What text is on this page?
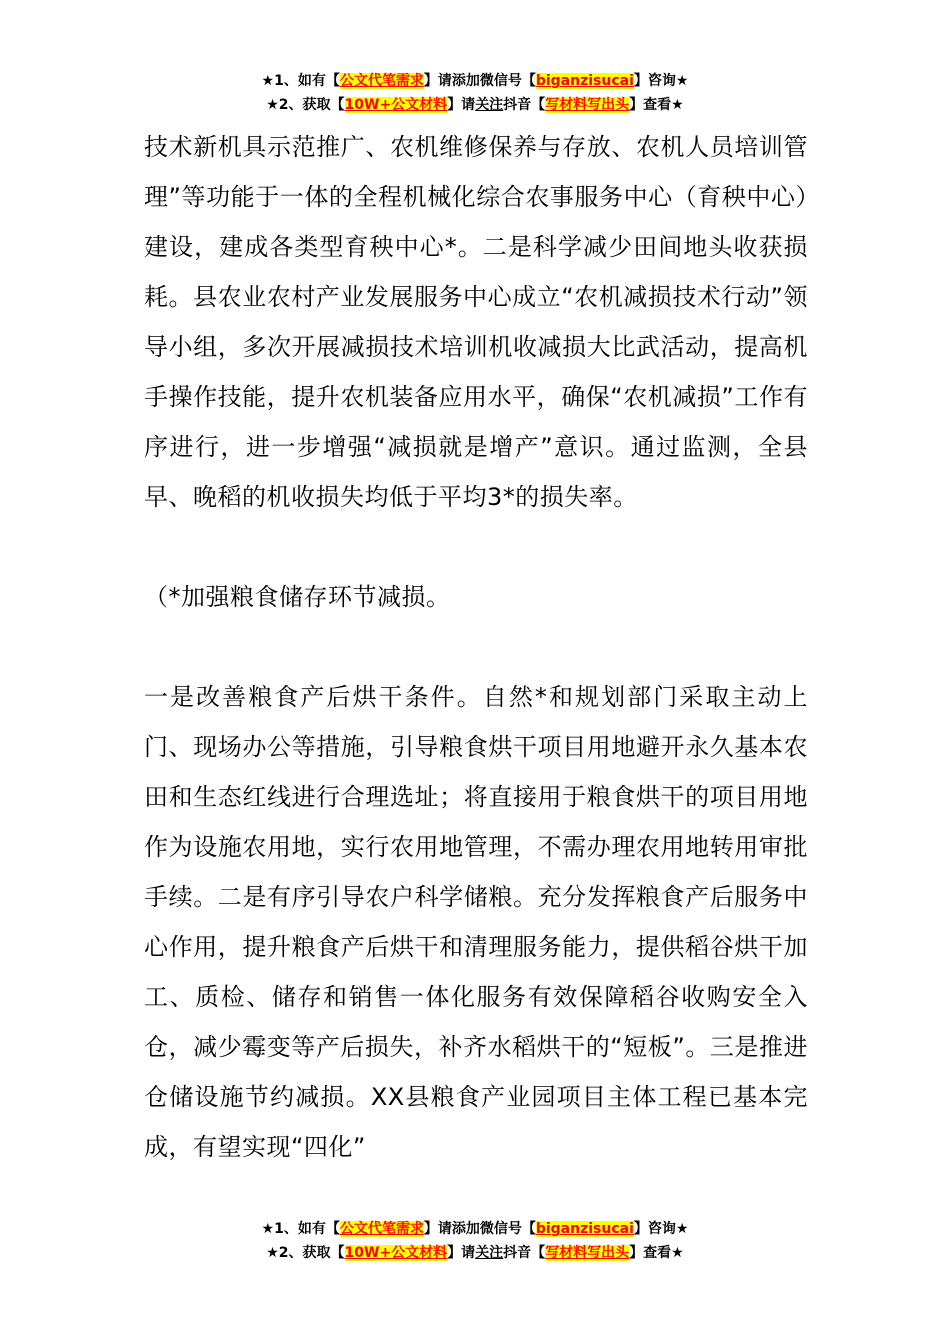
★1、如有【公文代笔需求】请添加微信号【biganzisucai】咨询★
★2、获取【10W+公文材料】请关注抖音【写材料写出头】查看★

技术新机具示范推广、农机维修保养与存放、农机人员培训管理”等功能于一体的全程机械化综合农事服务中心（育秧中心）建设，建成各类型育秧中心*。二是科学减少田间地头收获损耗。县农业农村产业发展服务中心成立“农机减损技术行动”领导小组，多次开展减损技术培训机收减损大比武活动，提高机手操作技能，提升农机装备应用水平，确保“农机减损”工作有序进行，进一步增强“减损就是增产”意识。通过监测，全县早、晚稻的机收损失均低于平均3*的损失率。

（*加强粮食储存环节减损。

一是改善粮食产后烘干条件。自然*和规划部门采取主动上门、现场办公等措施，引导粮食烘干项目用地避开永久基本农田和生态红线进行合理选址；将直接用于粮食烘干的项目用地作为设施农用地，实行农用地管理，不需办理农用地转用审批手续。二是有序引导农户科学储粮。充分发挥粮食产后服务中心作用，提升粮食产后烘干和清理服务能力，提供稻谷烘干加工、质检、储存和销售一体化服务有效保障稻谷收购安全入仓，减少霉变等产后损失，补齐水稻烘干的“短板”。三是推进仓储设施节约减损。XX县粮食产业园项目主体工程已基本完成，有望实现“四化”

★1、如有【公文代笔需求】请添加微信号【biganzisucai】咨询★
★2、获取【10W+公文材料】请关注抖音【写材料写出头】查看★
